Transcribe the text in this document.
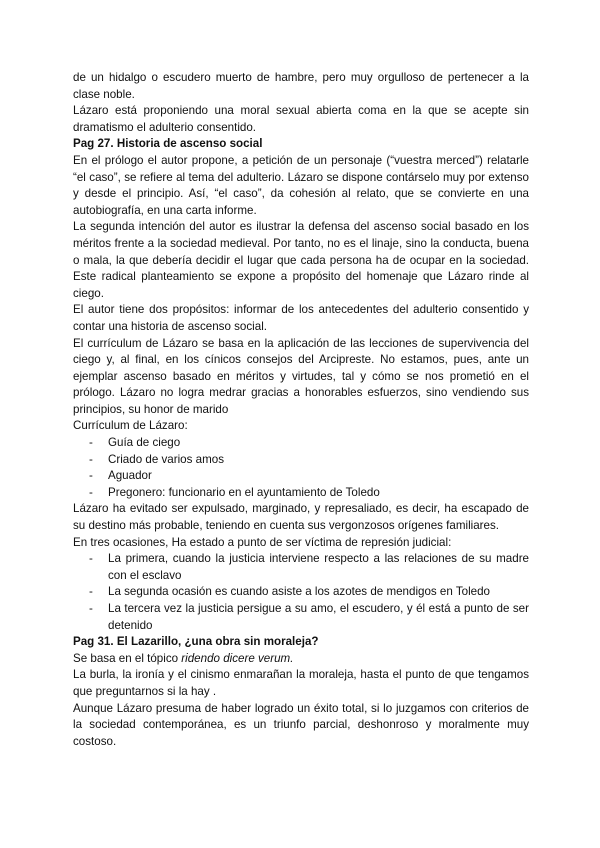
de un hidalgo o escudero muerto de hambre, pero muy orgulloso de pertenecer a la clase noble.

Lázaro está proponiendo una moral sexual abierta coma en la que se acepte sin dramatismo el adulterio consentido.

Pag 27. Historia de ascenso social

En el prólogo el autor propone, a petición de un personaje (“vuestra merced”) relatarle “el caso”, se refiere al tema del adulterio. Lázaro se dispone contárselo muy por extenso y desde el principio. Así, “el caso”, da cohesión al relato, que se convierte en una autobiografía, en una carta informe.

La segunda intención del autor es ilustrar la defensa del ascenso social basado en los méritos frente a la sociedad medieval. Por tanto, no es el linaje, sino la conducta, buena o mala, la que debería decidir el lugar que cada persona ha de ocupar en la sociedad. Este radical planteamiento se expone a propósito del homenaje que Lázaro rinde al ciego.

El autor tiene dos propósitos: informar de los antecedentes del adulterio consentido y contar una historia de ascenso social.

El currículum de Lázaro se basa en la aplicación de las lecciones de supervivencia del ciego y, al final, en los cínicos consejos del Arcipreste. No estamos, pues, ante un ejemplar ascenso basado en méritos y virtudes, tal y cómo se nos prometió en el prólogo. Lázaro no logra medrar gracias a honorables esfuerzos, sino vendiendo sus principios, su honor de marido

Currículum de Lázaro:

- Guía de ciego
- Criado de varios amos
- Aguador
- Pregonero: funcionario en el ayuntamiento de Toledo

Lázaro ha evitado ser expulsado, marginado, y represaliado, es decir, ha escapado de su destino más probable, teniendo en cuenta sus vergonzosos orígenes familiares.

En tres ocasiones, Ha estado a punto de ser víctima de represión judicial:

- La primera, cuando la justicia interviene respecto a las relaciones de su madre con el esclavo
- La segunda ocasión es cuando asiste a los azotes de mendigos en Toledo
- La tercera vez la justicia persigue a su amo, el escudero, y él está a punto de ser detenido
Pag 31. El Lazarillo, ¿una obra sin moraleja?

Se basa en el tópico ridendo dicere verum.

La burla, la ironía y el cinismo enmarañan la moraleja, hasta el punto de que tengamos que preguntarnos si la hay .

Aunque Lázaro presuma de haber logrado un éxito total, si lo juzgamos con criterios de la sociedad contemporánea, es un triunfo parcial, deshonroso y moralmente muy costoso.
